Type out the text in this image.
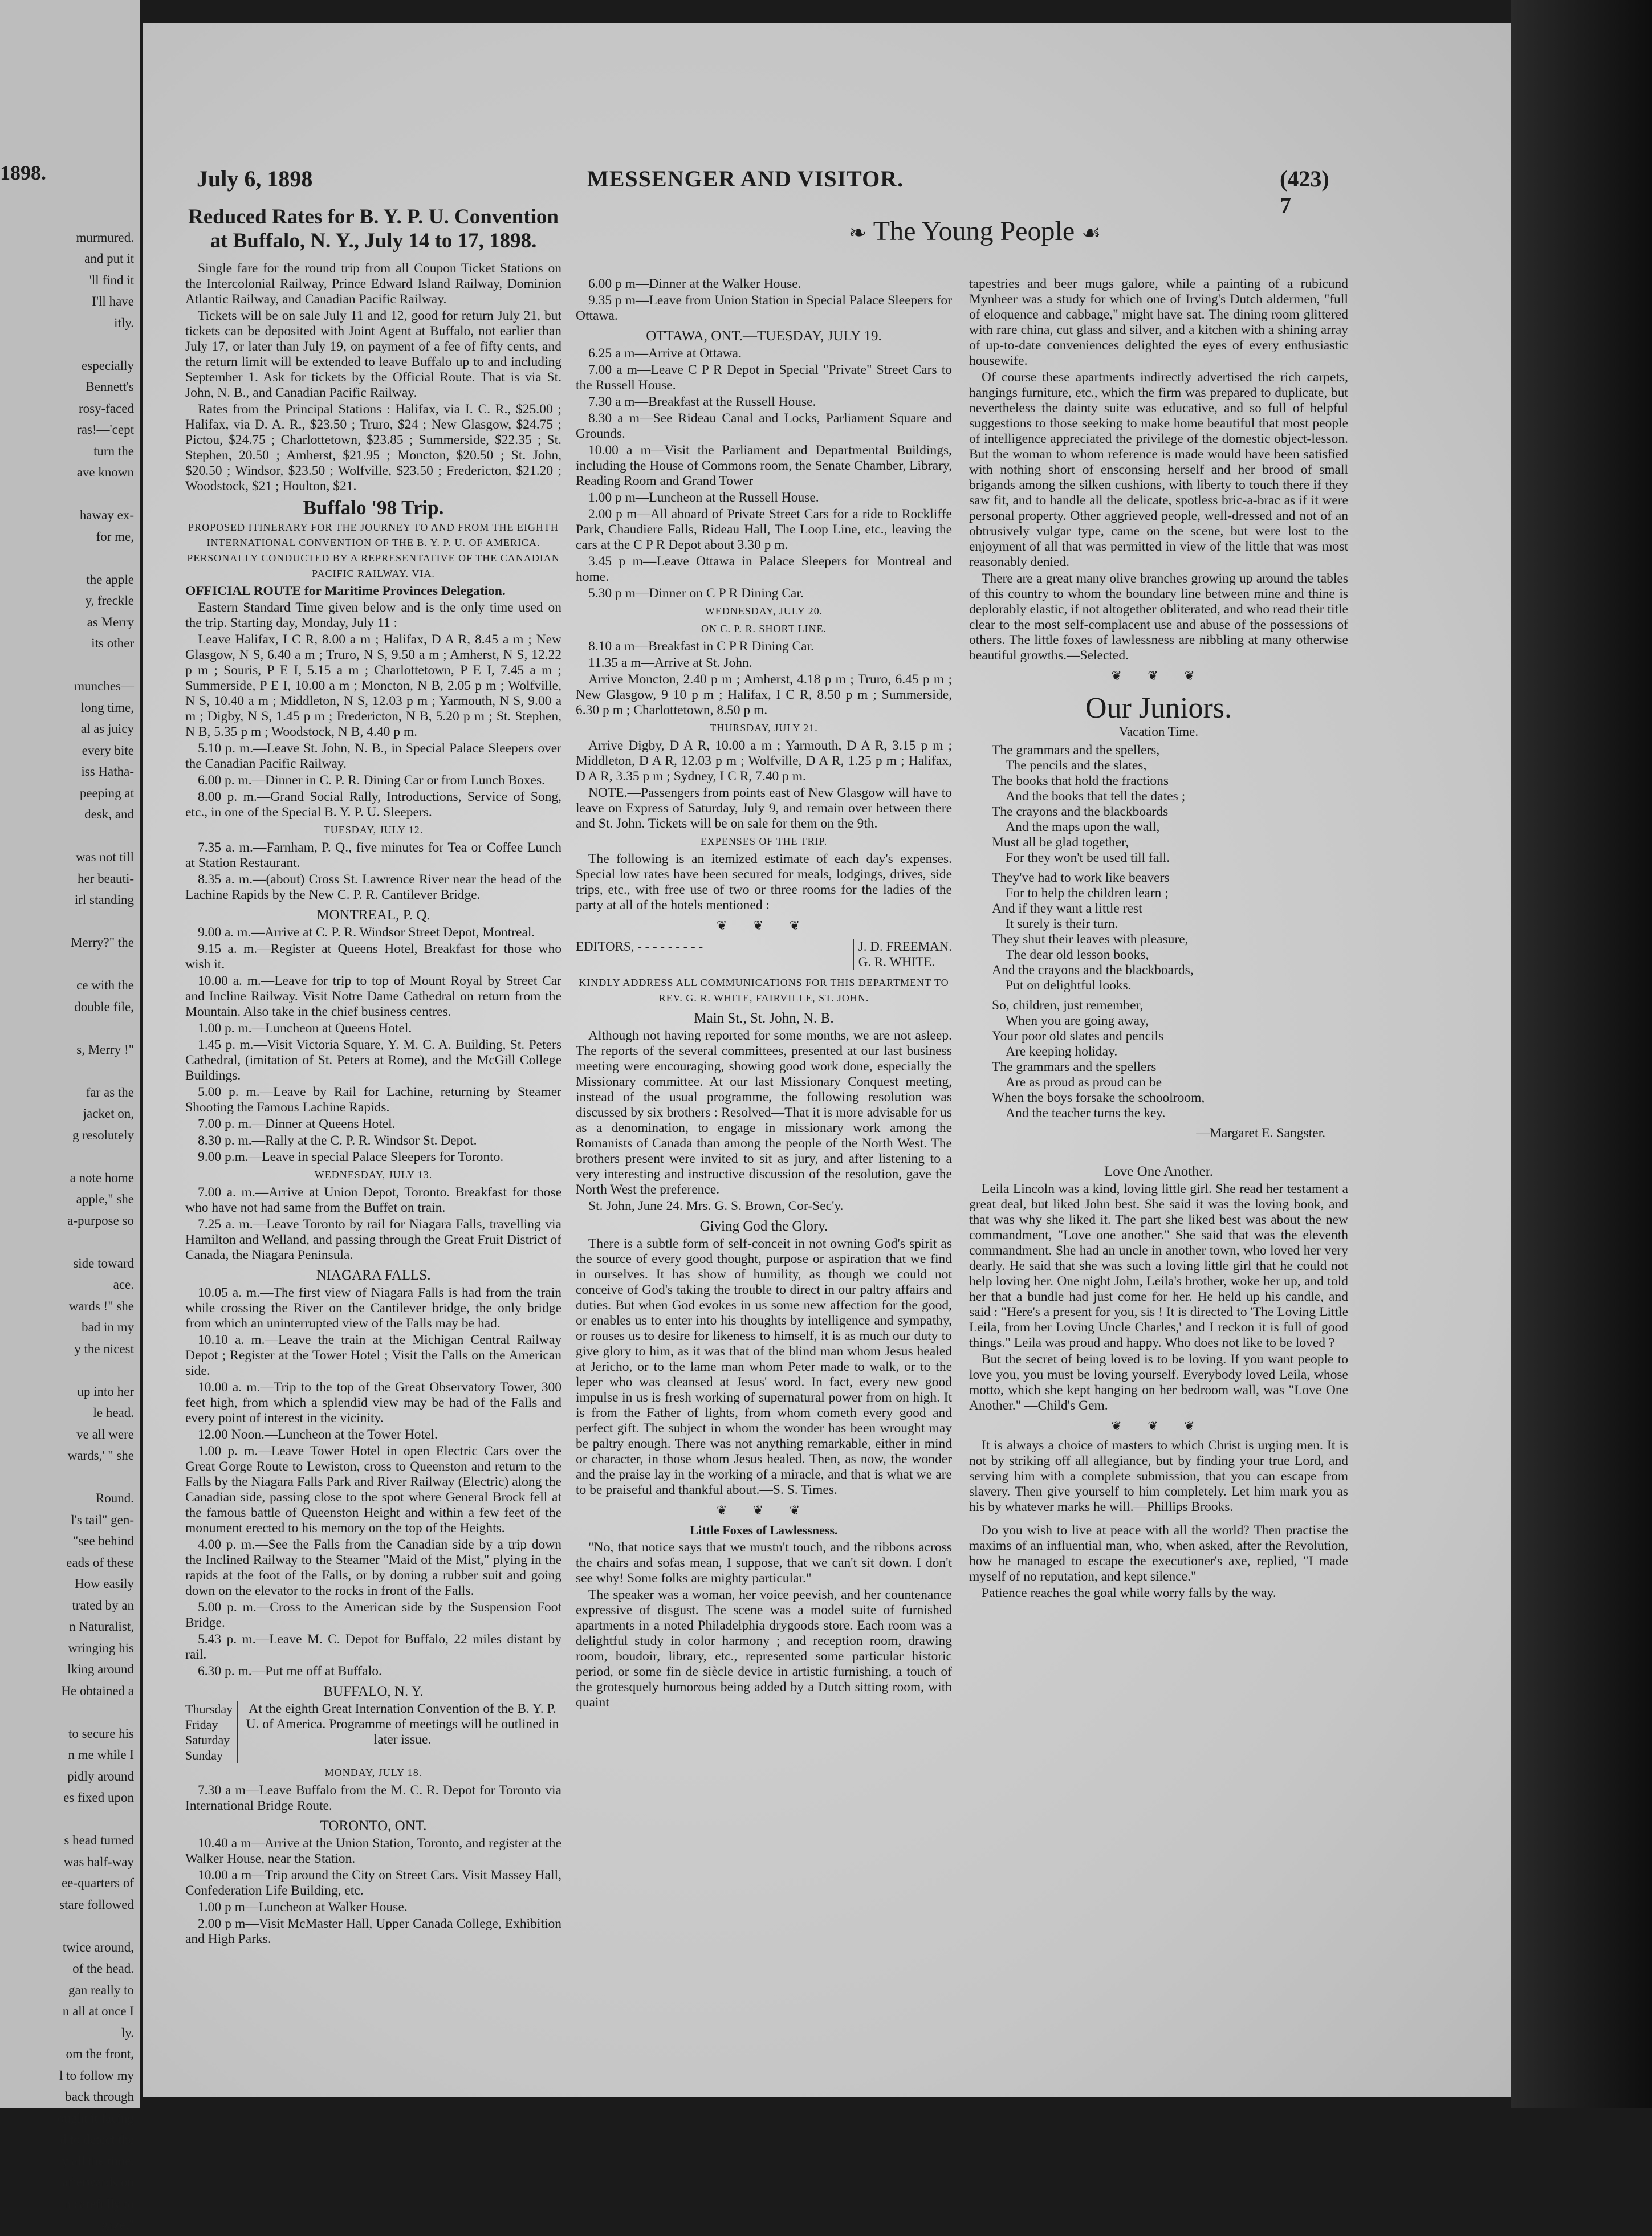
1898.

murmured.
and put it
'll find it
I'll have
itly.

especially
Bennett's
rosy-faced
ras!—'cept
turn the
ave known

haway ex-
for me,

the apple
y, freckle
as Merry
its other

munches—
long time,
al as juicy
every bite
iss Hatha-
peeping at
desk, and

was not till
her beauti-
irl standing

Merry?" the

ce with the
double file,

s, Merry !"

far as the
jacket on,
g resolutely

a note home
apple," she
a-purpose so

side toward
ace.
wards !" she
bad in my
y the nicest

up into her
le head.
ve all were
wards,' " she

Round.
l's tail" gen-
"see behind
eads of these
How easily
trated by an
n Naturalist,
wringing his
lking around
He obtained a

to secure his
n me while I
pidly around
es fixed upon

s head turned
was half-way
ee-quarters of
stare followed

twice around,
of the head.
gan really to
n all at once I
ly.
om the front,
l to follow my
back through
ought it facing
d to detect the
y all the time.
afterwards on
n carefully to
gaze."
July 6, 1898	MESSENGER AND VISITOR.	(423) 7
❧ The Young People ☙
Reduced Rates for B. Y. P. U. Convention at Buffalo, N. Y., July 14 to 17, 1898.

Single fare for the round trip from all Coupon Ticket Stations on the Intercolonial Railway, Prince Edward Island Railway, Dominion Atlantic Railway, and Canadian Pacific Railway.

Tickets will be on sale July 11 and 12, good for return July 21, but tickets can be deposited with Joint Agent at Buffalo, not earlier than July 17, or later than July 19, on payment of a fee of fifty cents, and the return limit will be extended to leave Buffalo up to and including September 1. Ask for tickets by the Official Route. That is via St. John, N. B., and Canadian Pacific Railway.

Rates from the Principal Stations : Halifax, via I. C. R., $25.00 ; Halifax, via D. A. R., $23.50 ; Truro, $24 ; New Glasgow, $24.75 ; Pictou, $24.75 ; Charlottetown, $23.85 ; Summerside, $22.35 ; St. Stephen, 20.50 ; Amherst, $21.95 ; Moncton, $20.50 ; St. John, $20.50 ; Windsor, $23.50 ; Wolfville, $23.50 ; Fredericton, $21.20 ; Woodstock, $21 ; Houlton, $21.

Buffalo '98 Trip.

PROPOSED ITINERARY FOR THE JOURNEY TO AND FROM THE EIGHTH INTERNATIONAL CONVENTION OF THE B. Y. P. U. OF AMERICA. PERSONALLY CONDUCTED BY A REPRESENTATIVE OF THE CANADIAN PACIFIC RAILWAY. VIA.

OFFICIAL ROUTE for Maritime Provinces Delegation.

Eastern Standard Time given below and is the only time used on the trip. Starting day, Monday, July 11 :

Leave Halifax, I C R, 8.00 a m ; Halifax, D A R, 8.45 a m ; New Glasgow, N S, 6.40 a m ; Truro, N S, 9.50 a m ; Amherst, N S, 12.22 p m ; Souris, P E I, 5.15 a m ; Charlottetown, P E I, 7.45 a m ; Summerside, P E I, 10.00 a m ; Moncton, N B, 2.05 p m ; Wolfville, N S, 10.40 a m ; Middleton, N S, 12.03 p m ; Yarmouth, N S, 9.00 a m ; Digby, N S, 1.45 p m ; Fredericton, N B, 5.20 p m ; St. Stephen, N B, 5.35 p m ; Woodstock, N B, 4.40 p m.

5.10 p. m.—Leave St. John, N. B., in Special Palace Sleepers over the Canadian Pacific Railway.

6.00 p. m.—Dinner in C. P. R. Dining Car or from Lunch Boxes.

8.00 p. m.—Grand Social Rally, Introductions, Service of Song, etc., in one of the Special B. Y. P. U. Sleepers.

TUESDAY, JULY 12.

7.35 a. m.—Farnham, P. Q., five minutes for Tea or Coffee Lunch at Station Restaurant.

8.35 a. m.—(about) Cross St. Lawrence River near the head of the Lachine Rapids by the New C. P. R. Cantilever Bridge.

MONTREAL, P. Q.

9.00 a. m.—Arrive at C. P. R. Windsor Street Depot, Montreal.

9.15 a. m.—Register at Queens Hotel, Breakfast for those who wish it.

10.00 a. m.—Leave for trip to top of Mount Royal by Street Car and Incline Railway. Visit Notre Dame Cathedral on return from the Mountain. Also take in the chief business centres.

1.00 p. m.—Luncheon at Queens Hotel.

1.45 p. m.—Visit Victoria Square, Y. M. C. A. Building, St. Peters Cathedral, (imitation of St. Peters at Rome), and the McGill College Buildings.

5.00 p. m.—Leave by Rail for Lachine, returning by Steamer Shooting the Famous Lachine Rapids.

7.00 p. m.—Dinner at Queens Hotel.

8.30 p. m.—Rally at the C. P. R. Windsor St. Depot.

9.00 p.m.—Leave in special Palace Sleepers for Toronto.

WEDNESDAY, JULY 13.

7.00 a. m.—Arrive at Union Depot, Toronto. Breakfast for those who have not had same from the Buffet on train.

7.25 a. m.—Leave Toronto by rail for Niagara Falls, travelling via Hamilton and Welland, and passing through the Great Fruit District of Canada, the Niagara Peninsula.

NIAGARA FALLS.

10.05 a. m.—The first view of Niagara Falls is had from the train while crossing the River on the Cantilever bridge, the only bridge from which an uninterrupted view of the Falls may be had.

10.10 a. m.—Leave the train at the Michigan Central Railway Depot ; Register at the Tower Hotel ; Visit the Falls on the American side.

10.00 a. m.—Trip to the top of the Great Observatory Tower, 300 feet high, from which a splendid view may be had of the Falls and every point of interest in the vicinity.

12.00 Noon.—Luncheon at the Tower Hotel.

1.00 p. m.—Leave Tower Hotel in open Electric Cars over the Great Gorge Route to Lewiston, cross to Queenston and return to the Falls by the Niagara Falls Park and River Railway (Electric) along the Canadian side, passing close to the spot where General Brock fell at the famous battle of Queenston Height and within a few feet of the monument erected to his memory on the top of the Heights.

4.00 p. m.—See the Falls from the Canadian side by a trip down the Inclined Railway to the Steamer "Maid of the Mist," plying in the rapids at the foot of the Falls, or by doning a rubber suit and going down on the elevator to the rocks in front of the Falls.

5.00 p. m.—Cross to the American side by the Suspension Foot Bridge.

5.43 p. m.—Leave M. C. Depot for Buffalo, 22 miles distant by rail.

6.30 p. m.—Put me off at Buffalo.

BUFFALO, N. Y.
Thursday Friday Saturday Sunday
At the eighth Great Internation Convention of the B. Y. P. U. of America. Programme of meetings will be outlined in later issue.

MONDAY, JULY 18.

7.30 a m—Leave Buffalo from the M. C. R. Depot for Toronto via International Bridge Route.

TORONTO, ONT.

10.40 a m—Arrive at the Union Station, Toronto, and register at the Walker House, near the Station.

10.00 a m—Trip around the City on Street Cars. Visit Massey Hall, Confederation Life Building, etc.

1.00 p m—Luncheon at Walker House.

2.00 p m—Visit McMaster Hall, Upper Canada College, Exhibition and High Parks.

6.00 p m—Dinner at the Walker House.

9.35 p m—Leave from Union Station in Special Palace Sleepers for Ottawa.

OTTAWA, ONT.—TUESDAY, JULY 19.

6.25 a m—Arrive at Ottawa.

7.00 a m—Leave C P R Depot in Special "Private" Street Cars to the Russell House.

7.30 a m—Breakfast at the Russell House.

8.30 a m—See Rideau Canal and Locks, Parliament Square and Grounds.

10.00 a m—Visit the Parliament and Departmental Buildings, including the House of Commons room, the Senate Chamber, Library, Reading Room and Grand Tower

1.00 p m—Luncheon at the Russell House.

2.00 p m—All aboard of Private Street Cars for a ride to Rockliffe Park, Chaudiere Falls, Rideau Hall, The Loop Line, etc., leaving the cars at the C P R Depot about 3.30 p m.

3.45 p m—Leave Ottawa in Palace Sleepers for Montreal and home.

5.30 p m—Dinner on C P R Dining Car.

WEDNESDAY, JULY 20.

ON C. P. R. SHORT LINE.

8.10 a m—Breakfast in C P R Dining Car.

11.35 a m—Arrive at St. John.

Arrive Moncton, 2.40 p m ; Amherst, 4.18 p m ; Truro, 6.45 p m ; New Glasgow, 9 10 p m ; Halifax, I C R, 8.50 p m ; Summerside, 6.30 p m ; Charlottetown, 8.50 p m.

THURSDAY, JULY 21.

Arrive Digby, D A R, 10.00 a m ; Yarmouth, D A R, 3.15 p m ; Middleton, D A R, 12.03 p m ; Wolfville, D A R, 1.25 p m ; Halifax, D A R, 3.35 p m ; Sydney, I C R, 7.40 p m.

NOTE.—Passengers from points east of New Glasgow will have to leave on Express of Saturday, July 9, and remain over between there and St. John. Tickets will be on sale for them on the 9th.

EXPENSES OF THE TRIP.

The following is an itemized estimate of each day's expenses. Special low rates have been secured for meals, lodgings, drives, side trips, etc., with free use of two or three rooms for the ladies of the party at all of the hotels mentioned :

❦ ❦ ❦
EDITORS, - - - - - - - - -	J. D. FREEMAN.
G. R. WHITE.

KINDLY ADDRESS ALL COMMUNICATIONS FOR THIS DEPARTMENT TO REV. G. R. WHITE, FAIRVILLE, ST. JOHN.

Main St., St. John, N. B.

Although not having reported for some months, we are not asleep. The reports of the several committees, presented at our last business meeting were encouraging, showing good work done, especially the Missionary committee. At our last Missionary Conquest meeting, instead of the usual programme, the following resolution was discussed by six brothers : Resolved—That it is more advisable for us as a denomination, to engage in missionary work among the Romanists of Canada than among the people of the North West. The brothers present were invited to sit as jury, and after listening to a very interesting and instructive discussion of the resolution, gave the North West the preference.

St. John, June 24. Mrs. G. S. Brown, Cor-Sec'y.

Giving God the Glory.

There is a subtle form of self-conceit in not owning God's spirit as the source of every good thought, purpose or aspiration that we find in ourselves. It has show of humility, as though we could not conceive of God's taking the trouble to direct in our paltry affairs and duties. But when God evokes in us some new affection for the good, or enables us to enter into his thoughts by intelligence and sympathy, or rouses us to desire for likeness to himself, it is as much our duty to give glory to him, as it was that of the blind man whom Jesus healed at Jericho, or to the lame man whom Peter made to walk, or to the leper who was cleansed at Jesus' word. In fact, every new good impulse in us is fresh working of supernatural power from on high. It is from the Father of lights, from whom cometh every good and perfect gift. The subject in whom the wonder has been wrought may be paltry enough. There was not anything remarkable, either in mind or character, in those whom Jesus healed. Then, as now, the wonder and the praise lay in the working of a miracle, and that is what we are to be praiseful and thankful about.—S. S. Times.

❦ ❦ ❦
Little Foxes of Lawlessness.

"No, that notice says that we mustn't touch, and the ribbons across the chairs and sofas mean, I suppose, that we can't sit down. I don't see why! Some folks are mighty particular."

The speaker was a woman, her voice peevish, and her countenance expressive of disgust. The scene was a model suite of furnished apartments in a noted Philadelphia drygoods store. Each room was a delightful study in color harmony ; and reception room, drawing room, boudoir, library, etc., represented some particular historic period, or some fin de siècle device in artistic furnishing, a touch of the grotesquely humorous being added by a Dutch sitting room, with quaint

tapestries and beer mugs galore, while a painting of a rubicund Mynheer was a study for which one of Irving's Dutch aldermen, "full of eloquence and cabbage," might have sat. The dining room glittered with rare china, cut glass and silver, and a kitchen with a shining array of up-to-date conveniences delighted the eyes of every enthusiastic housewife.

Of course these apartments indirectly advertised the rich carpets, hangings furniture, etc., which the firm was prepared to duplicate, but nevertheless the dainty suite was educative, and so full of helpful suggestions to those seeking to make home beautiful that most people of intelligence appreciated the privilege of the domestic object-lesson. But the woman to whom reference is made would have been satisfied with nothing short of ensconsing herself and her brood of small brigands among the silken cushions, with liberty to touch there if they saw fit, and to handle all the delicate, spotless bric-a-brac as if it were personal property. Other aggrieved people, well-dressed and not of an obtrusively vulgar type, came on the scene, but were lost to the enjoyment of all that was permitted in view of the little that was most reasonably denied.

There are a great many olive branches growing up around the tables of this country to whom the boundary line between mine and thine is deplorably elastic, if not altogether obliterated, and who read their title clear to the most self-complacent use and abuse of the possessions of others. The little foxes of lawlessness are nibbling at many otherwise beautiful growths.—Selected.

❦ ❦ ❦
Our Juniors.
Vacation Time.
The grammars and the spellers,
The pencils and the slates,
The books that hold the fractions
And the books that tell the dates ;
The crayons and the blackboards
And the maps upon the wall,
Must all be glad together,
For they won't be used till fall.
They've had to work like beavers
For to help the children learn ;
And if they want a little rest
It surely is their turn.
They shut their leaves with pleasure,
The dear old lesson books,
And the crayons and the blackboards,
Put on delightful looks.
So, children, just remember,
When you are going away,
Your poor old slates and pencils
Are keeping holiday.
The grammars and the spellers
Are as proud as proud can be
When the boys forsake the schoolroom,
And the teacher turns the key.
—Margaret E. Sangster.
Love One Another.

Leila Lincoln was a kind, loving little girl. She read her testament a great deal, but liked John best. She said it was the loving book, and that was why she liked it. The part she liked best was about the new commandment, "Love one another." She said that was the eleventh commandment. She had an uncle in another town, who loved her very dearly. He said that she was such a loving little girl that he could not help loving her. One night John, Leila's brother, woke her up, and told her that a bundle had just come for her. He held up his candle, and said : "Here's a present for you, sis ! It is directed to 'The Loving Little Leila, from her Loving Uncle Charles,' and I reckon it is full of good things." Leila was proud and happy. Who does not like to be loved ?

But the secret of being loved is to be loving. If you want people to love you, you must be loving yourself. Everybody loved Leila, whose motto, which she kept hanging on her bedroom wall, was "Love One Another." —Child's Gem.

❦ ❦ ❦

It is always a choice of masters to which Christ is urging men. It is not by striking off all allegiance, but by finding your true Lord, and serving him with a complete submission, that you can escape from slavery. Then give yourself to him completely. Let him mark you as his by whatever marks he will.—Phillips Brooks.

Do you wish to live at peace with all the world? Then practise the maxims of an influential man, who, when asked, after the Revolution, how he managed to escape the executioner's axe, replied, "I made myself of no reputation, and kept silence."

Patience reaches the goal while worry falls by the way.
